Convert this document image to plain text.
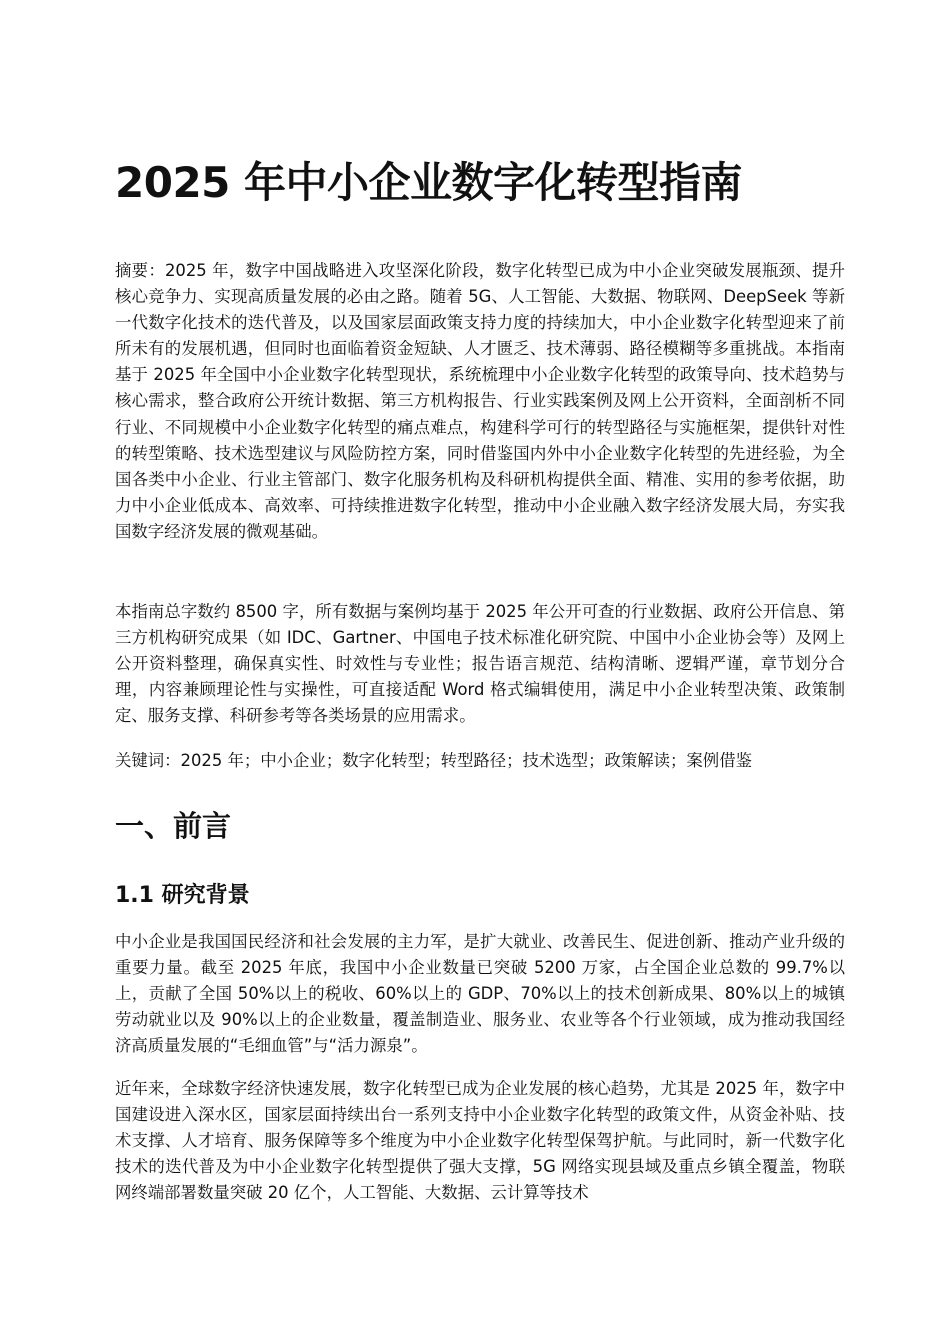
2025 年中小企业数字化转型指南

摘要：2025 年，数字中国战略进入攻坚深化阶段，数字化转型已成为中小企业突破发展瓶颈、提升核心竞争力、实现高质量发展的必由之路。随着 5G、人工智能、大数据、物联网、DeepSeek 等新一代数字化技术的迭代普及，以及国家层面政策支持力度的持续加大，中小企业数字化转型迎来了前所未有的发展机遇，但同时也面临着资金短缺、人才匮乏、技术薄弱、路径模糊等多重挑战。本指南基于 2025 年全国中小企业数字化转型现状，系统梳理中小企业数字化转型的政策导向、技术趋势与核心需求，整合政府公开统计数据、第三方机构报告、行业实践案例及网上公开资料，全面剖析不同行业、不同规模中小企业数字化转型的痛点难点，构建科学可行的转型路径与实施框架，提供针对性的转型策略、技术选型建议与风险防控方案，同时借鉴国内外中小企业数字化转型的先进经验，为全国各类中小企业、行业主管部门、数字化服务机构及科研机构提供全面、精准、实用的参考依据，助力中小企业低成本、高效率、可持续推进数字化转型，推动中小企业融入数字经济发展大局，夯实我国数字经济发展的微观基础。

本指南总字数约 8500 字，所有数据与案例均基于 2025 年公开可查的行业数据、政府公开信息、第三方机构研究成果（如 IDC、Gartner、中国电子技术标准化研究院、中国中小企业协会等）及网上公开资料整理，确保真实性、时效性与专业性；报告语言规范、结构清晰、逻辑严谨，章节划分合理，内容兼顾理论性与实操性，可直接适配 Word 格式编辑使用，满足中小企业转型决策、政策制定、服务支撑、科研参考等各类场景的应用需求。

关键词：2025 年；中小企业；数字化转型；转型路径；技术选型；政策解读；案例借鉴

一、前言
1.1 研究背景

中小企业是我国国民经济和社会发展的主力军，是扩大就业、改善民生、促进创新、推动产业升级的重要力量。截至 2025 年底，我国中小企业数量已突破 5200 万家，占全国企业总数的 99.7%以上，贡献了全国 50%以上的税收、60%以上的 GDP、70%以上的技术创新成果、80%以上的城镇劳动就业以及 90%以上的企业数量，覆盖制造业、服务业、农业等各个行业领域，成为推动我国经济高质量发展的“毛细血管”与“活力源泉”。

近年来，全球数字经济快速发展，数字化转型已成为企业发展的核心趋势，尤其是 2025 年，数字中国建设进入深水区，国家层面持续出台一系列支持中小企业数字化转型的政策文件，从资金补贴、技术支撑、人才培育、服务保障等多个维度为中小企业数字化转型保驾护航。与此同时，新一代数字化技术的迭代普及为中小企业数字化转型提供了强大支撑，5G 网络实现县域及重点乡镇全覆盖，物联网终端部署数量突破 20 亿个，人工智能、大数据、云计算等技术
